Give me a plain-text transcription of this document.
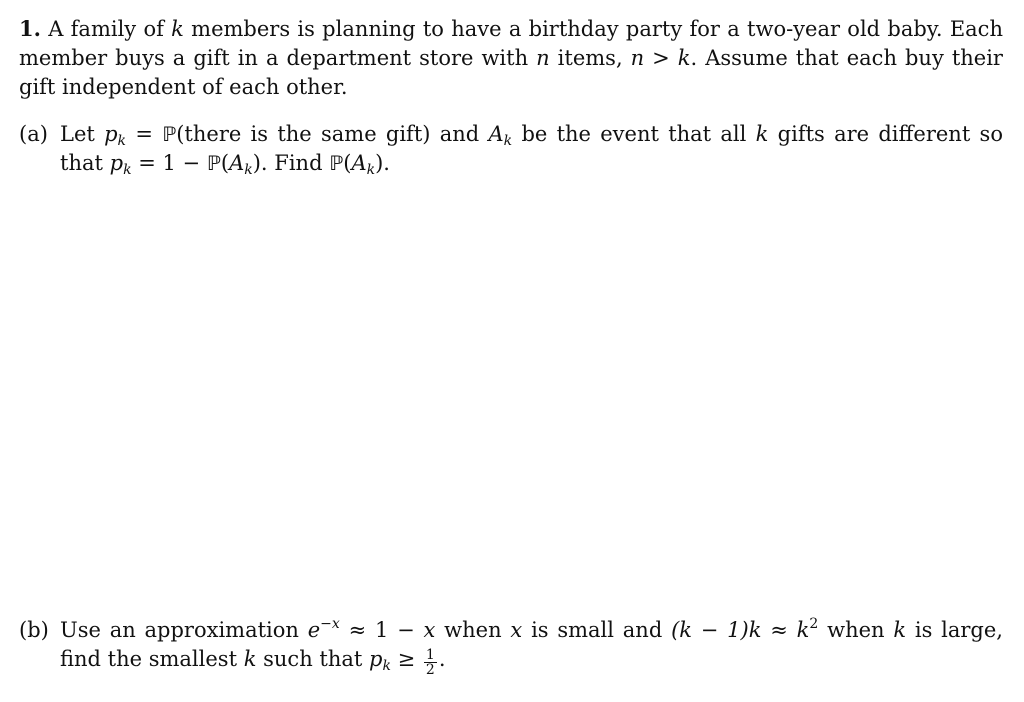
1. A family of k members is planning to have a birthday party for a two-year old baby. Each member buys a gift in a department store with n items, n > k. Assume that each buy their gift independent of each other.
(a) Let $p_k$ = ℙ(there is the same gift) and $A_k$ be the event that all k gifts are different so that $p_k = 1$ − $ℙ(A_k)$. Find $ℙ(A_k)$.
(b) Use an approximation $e^{-x} \approx 1 - x$ when x is small and $(k - 1)k \approx k^2$ when k is large, find the smallest k such that $p_k \ge \frac{1}{2}$ .
